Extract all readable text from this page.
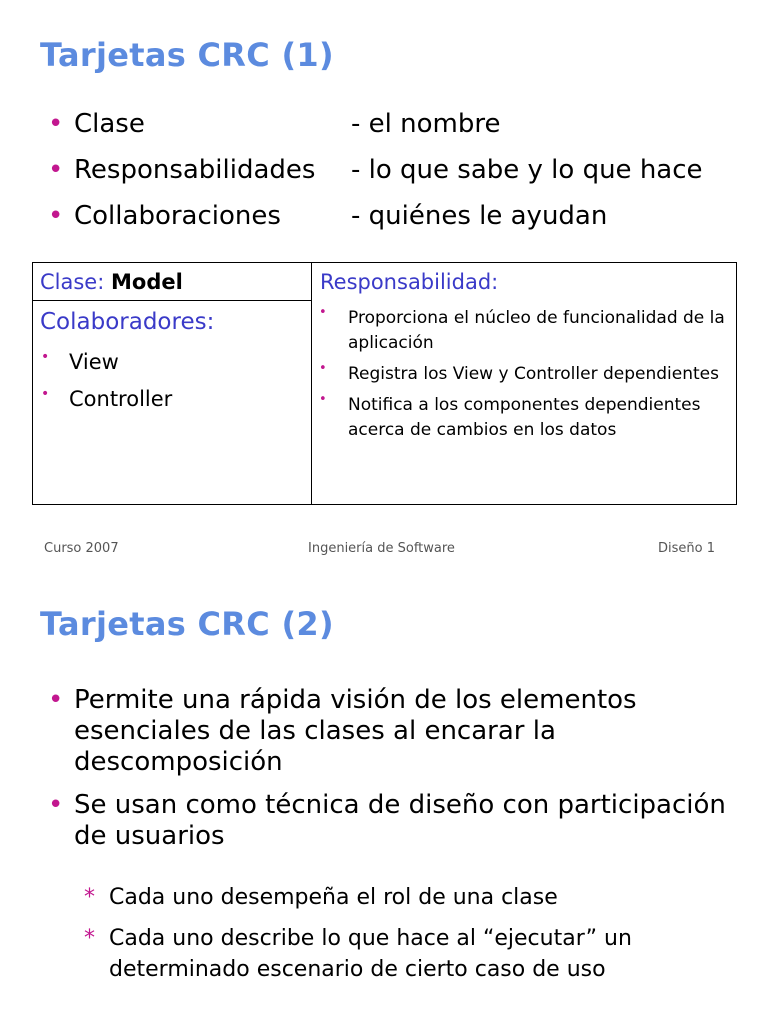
Tarjetas CRC (1)
• Clase	- el nombre
• Responsabilidades - lo que sabe y lo que hace
• Collaboraciones	- quiénes le ayudan
Clase: Model
Colaboradores:
• View
• Controller
Responsabilidad:
• Proporciona el núcleo de funcionalidad de la aplicación
• Registra los View y Controller dependientes
• Notifica a los componentes dependientes acerca de cambios en los datos
Curso 2007	Ingeniería de Software	Diseño 1
Tarjetas CRC (2)
• Permite una rápida visión de los elementos esenciales de las clases al encarar la descomposición
• Se usan como técnica de diseño con participación de usuarios
* Cada uno desempeña el rol de una clase
* Cada uno describe lo que hace al “ejecutar” un determinado escenario de cierto caso de uso
